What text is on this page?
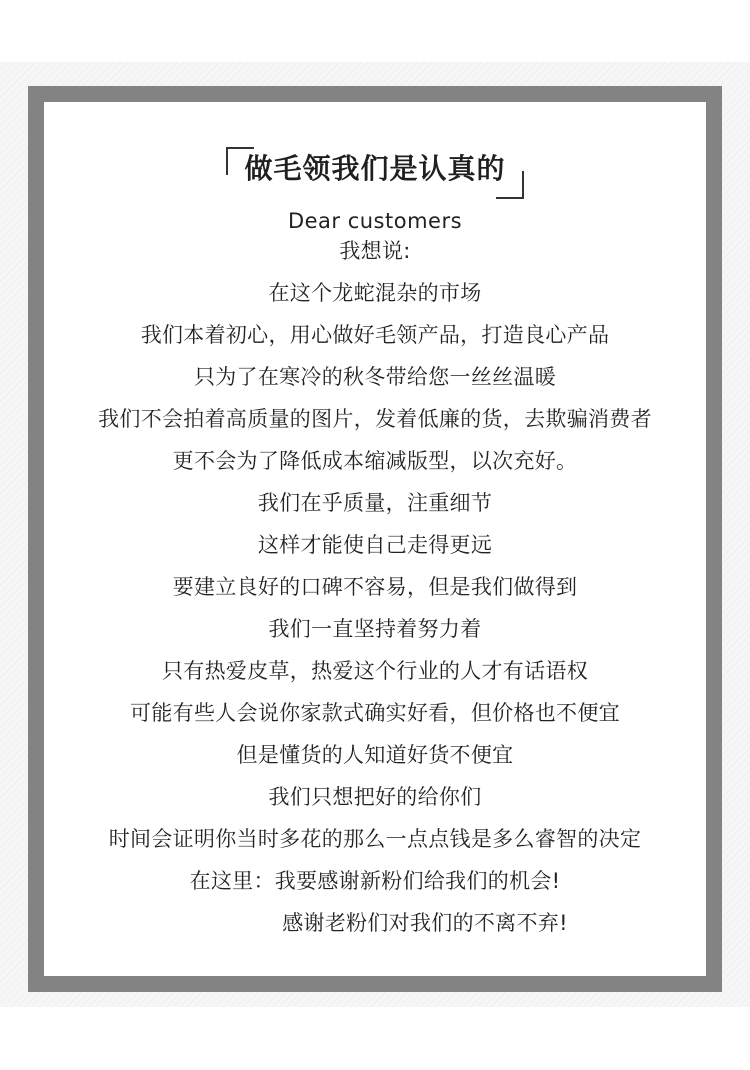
做毛领我们是认真的
Dear customers
我想说:
在这个龙蛇混杂的市场
我们本着初心，用心做好毛领产品，打造良心产品
只为了在寒冷的秋冬带给您一丝丝温暖
我们不会拍着高质量的图片，发着低廉的货，去欺骗消费者
更不会为了降低成本缩减版型，以次充好。
我们在乎质量，注重细节
这样才能使自己走得更远
要建立良好的口碑不容易，但是我们做得到
我们一直坚持着努力着
只有热爱皮草，热爱这个行业的人才有话语权
可能有些人会说你家款式确实好看，但价格也不便宜
但是懂货的人知道好货不便宜
我们只想把好的给你们
时间会证明你当时多花的那么一点点钱是多么睿智的决定
在这里：我要感谢新粉们给我们的机会!
感谢老粉们对我们的不离不弃!
